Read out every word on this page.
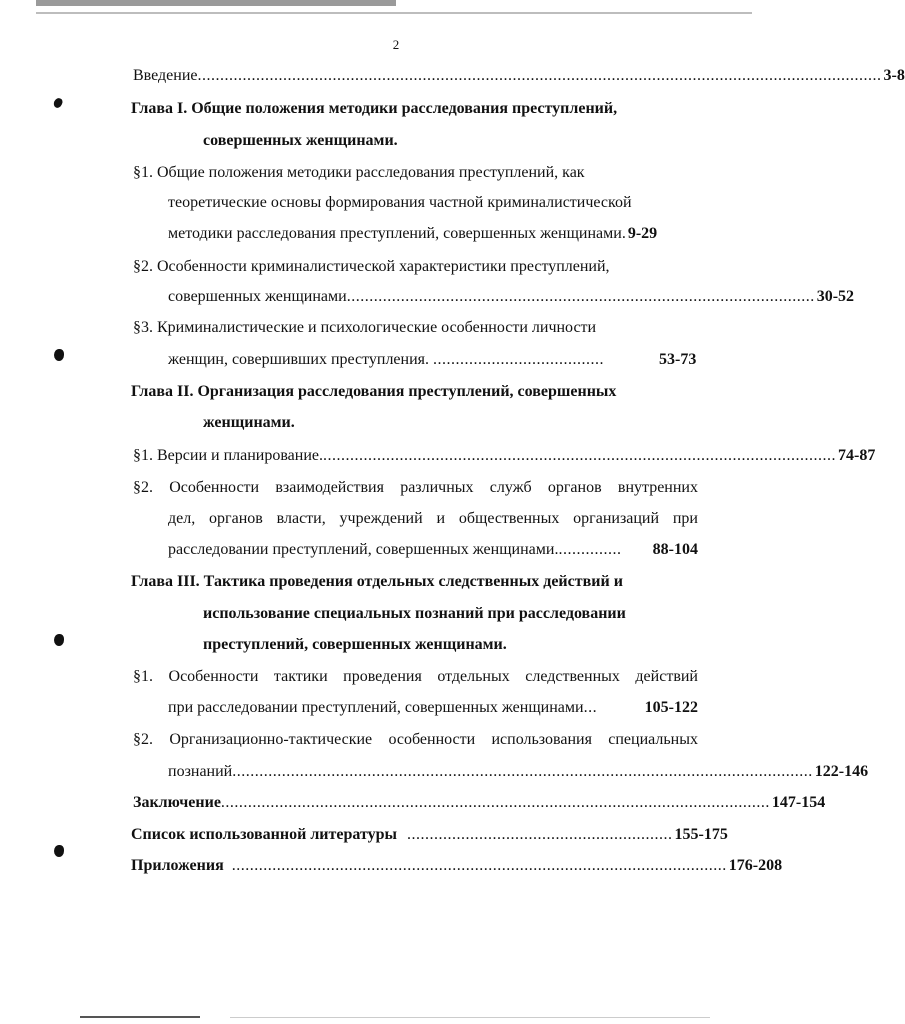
2
Введение ........................................................................................................................................................ 3-8
Глава I. Общие положения методики расследования преступлений,
совершенных женщинами.
§1. Общие положения методики расследования преступлений, как
теоретические основы формирования частной криминалистической
методики расследования преступлений, совершенных женщинами. 9-29
§2. Особенности криминалистической характеристики преступлений,
совершенных женщинами ........................................................................................................ 30-52
§3. Криминалистические и психологические особенности личности
женщин, совершивших преступления. ......................................	53-73
Глава II. Организация расследования преступлений, совершенных
женщинами.
§1. Версии и планирование. .................................................................................................................. 74-87
§2. Особенности взаимодействия различных служб органов внутренних
дел, органов власти, учреждений и общественных организаций при
расследовании преступлений, совершенных женщинами. ..............	88-104
Глава III. Тактика проведения отдельных следственных действий и
использование специальных познаний при расследовании
преступлений, совершенных женщинами.
§1. Особенности тактики проведения отдельных следственных действий
при расследовании преступлений, совершенных женщинами ...	105-122
§2. Организационно-тактические особенности использования специальных
познаний ................................................................................................................................. 122-146
Заключение .......................................................................................................................... 147-154
Список использованной литературы ........................................................... 155-175
Приложения .............................................................................................................. 176-208
